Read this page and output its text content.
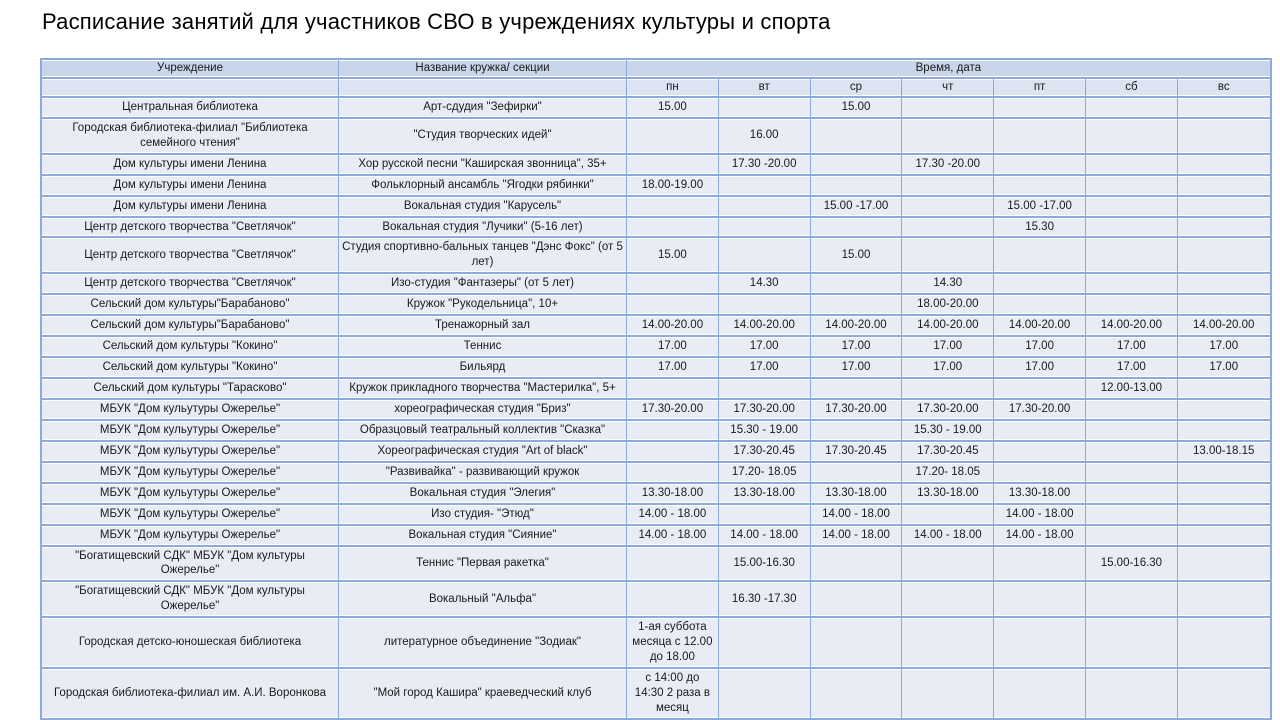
Расписание занятий для участников СВО в учреждениях культуры и спорта
Учреждение	Название кружка/ секции	Время, дата						
		пн	вт	ср	чт	пт	сб	вс
Центральная библиотека	Арт-сдудия "Зефирки"	15.00		15.00				
Городская библиотека-филиал "Библиотека семейного чтения"	"Студия творческих идей"		16.00					
Дом культуры имени Ленина	Хор русской песни "Каширская звонница", 35+		17.30 -20.00		17.30 -20.00			
Дом культуры имени Ленина	Фольклорный ансамбль "Ягодки рябинки"	18.00-19.00						
Дом культуры имени Ленина	Вокальная студия "Карусель"			15.00 -17.00		15.00 -17.00		
Центр детского творчества "Светлячок"	Вокальная студия "Лучики" (5-16 лет)					15.30		
Центр детского творчества "Светлячок"	Студия спортивно-бальных танцев "Дэнс Фокс" (от 5 лет)	15.00		15.00				
Центр детского творчества "Светлячок"	Изо-студия "Фантазеры" (от 5 лет)		14.30		14.30			
Сельский дом культуры"Барабаново"	Кружок "Рукодельница", 10+				18.00-20.00			
Сельский дом культуры"Барабаново"	Тренажорный зал	14.00-20.00	14.00-20.00	14.00-20.00	14.00-20.00	14.00-20.00	14.00-20.00	14.00-20.00
Сельский дом культуры "Кокино"	Теннис	17.00	17.00	17.00	17.00	17.00	17.00	17.00
Сельский дом культуры "Кокино"	Бильярд	17.00	17.00	17.00	17.00	17.00	17.00	17.00
Сельский дом культуры "Тарасково"	Кружок прикладного творчества "Мастерилка", 5+						12.00-13.00	
МБУК "Дом кульутуры Ожерелье"	хореографическая студия "Бриз"	17.30-20.00	17.30-20.00	17.30-20.00	17.30-20.00	17.30-20.00		
МБУК "Дом кульутуры Ожерелье"	Образцовый театральный коллектив "Сказка"		15.30 - 19.00		15.30 - 19.00			
МБУК "Дом кульутуры Ожерелье"	Хореографическая студия "Art of black"		17.30-20.45	17.30-20.45	17.30-20.45			13.00-18.15
МБУК "Дом кульутуры Ожерелье"	"Развивайка" - развивающий кружок		17.20- 18.05		17.20- 18.05			
МБУК "Дом кульутуры Ожерелье"	Вокальная студия "Элегия"	13.30-18.00	13.30-18.00	13.30-18.00	13.30-18.00	13.30-18.00		
МБУК "Дом кульутуры Ожерелье"	Изо студия- "Этюд"	14.00 - 18.00		14.00 - 18.00		14.00 - 18.00		
МБУК "Дом кульутуры Ожерелье"	Вокальная студия "Сияние"	14.00 - 18.00	14.00 - 18.00	14.00 - 18.00	14.00 - 18.00	14.00 - 18.00		
"Богатищевский СДК" МБУК "Дом культуры Ожерелье"	Теннис "Первая ракетка"		15.00-16.30				15.00-16.30	
"Богатищевский СДК" МБУК "Дом культуры Ожерелье"	Вокальный "Альфа"		16.30 -17.30					
Городская детско-юношеская библиотека	литературное объединение "Зодиак"	1-ая суббота месяца с 12.00 до 18.00						
Городская библиотека-филиал им. А.И. Воронкова	"Мой город Кашира" краеведческий клуб	с 14:00 до 14:30 2 раза в месяц						
